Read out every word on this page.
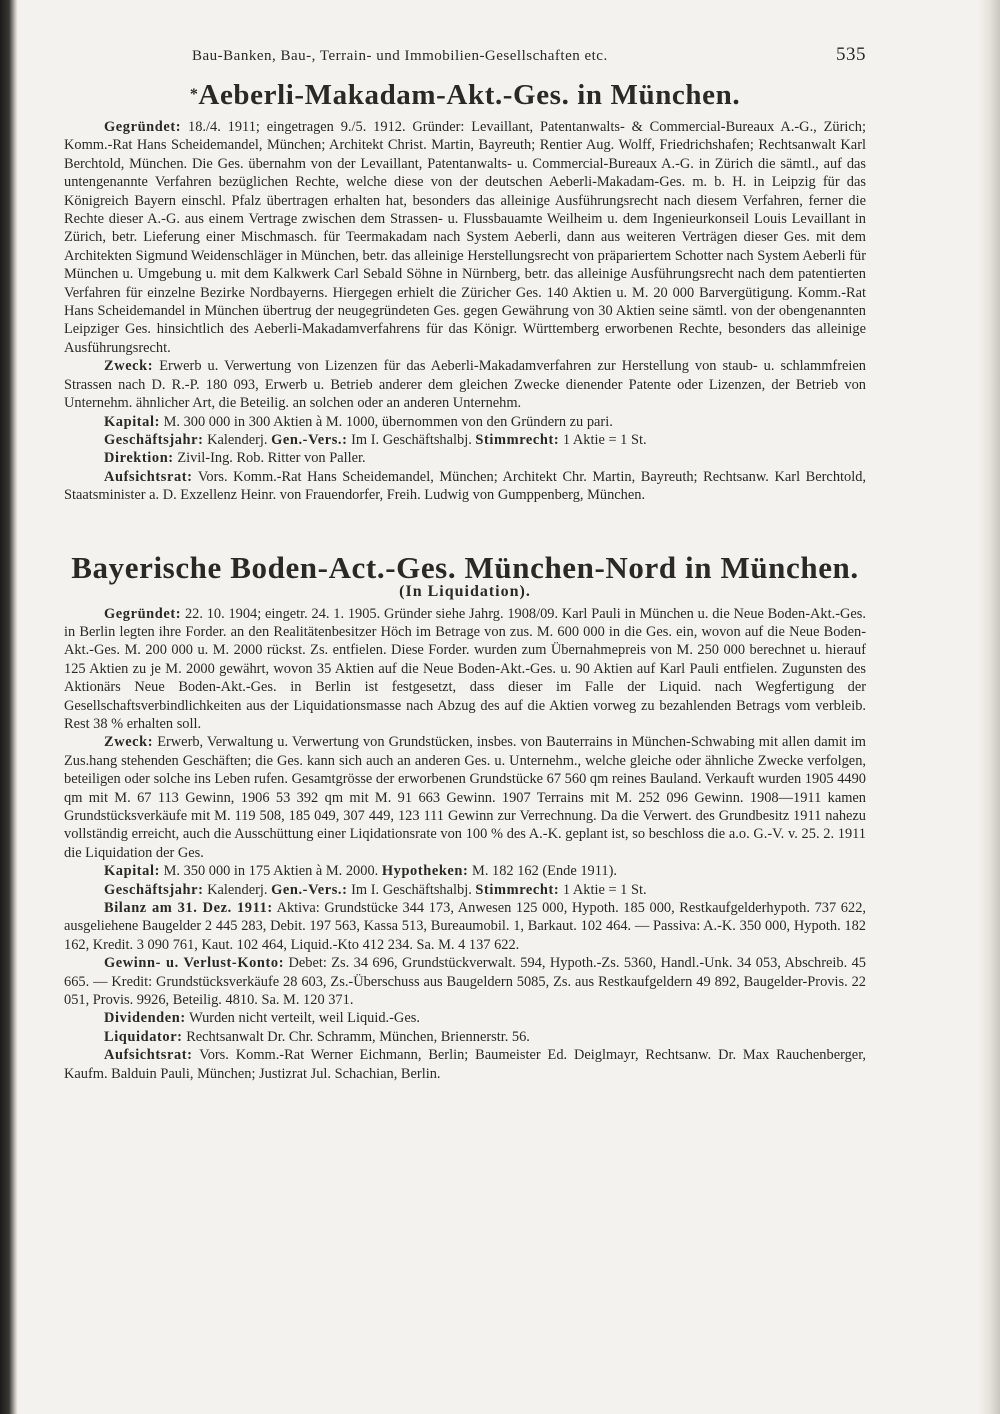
Bau-Banken, Bau-, Terrain- und Immobilien-Gesellschaften etc.	535
*Aeberli-Makadam-Akt.-Ges. in München.

Gegründet: 18./4. 1911; eingetragen 9./5. 1912. Gründer: Levaillant, Patentanwalts- & Commercial-Bureaux A.-G., Zürich; Komm.-Rat Hans Scheidemandel, München; Architekt Christ. Martin, Bayreuth; Rentier Aug. Wolff, Friedrichshafen; Rechtsanwalt Karl Berchtold, München. Die Ges. übernahm von der Levaillant, Patentanwalts- u. Commercial-Bureaux A.-G. in Zürich die sämtl., auf das untengenannte Verfahren bezüglichen Rechte, welche diese von der deutschen Aeberli-Makadam-Ges. m. b. H. in Leipzig für das Königreich Bayern einschl. Pfalz übertragen erhalten hat, besonders das alleinige Ausführungsrecht nach diesem Verfahren, ferner die Rechte dieser A.-G. aus einem Vertrage zwischen dem Strassen- u. Flussbauamte Weilheim u. dem Ingenieurkonseil Louis Levaillant in Zürich, betr. Lieferung einer Mischmasch. für Teermakadam nach System Aeberli, dann aus weiteren Verträgen dieser Ges. mit dem Architekten Sigmund Weidenschläger in München, betr. das alleinige Herstellungsrecht von präpariertem Schotter nach System Aeberli für München u. Umgebung u. mit dem Kalkwerk Carl Sebald Söhne in Nürnberg, betr. das alleinige Ausführungsrecht nach dem patentierten Verfahren für einzelne Bezirke Nordbayerns. Hiergegen erhielt die Züricher Ges. 140 Aktien u. M. 20 000 Barvergütigung. Komm.-Rat Hans Scheidemandel in München übertrug der neugegründeten Ges. gegen Gewährung von 30 Aktien seine sämtl. von der obengenannten Leipziger Ges. hinsichtlich des Aeberli-Makadamverfahrens für das Königr. Württemberg erworbenen Rechte, besonders das alleinige Ausführungsrecht.

Zweck: Erwerb u. Verwertung von Lizenzen für das Aeberli-Makadamverfahren zur Herstellung von staub- u. schlammfreien Strassen nach D. R.-P. 180 093, Erwerb u. Betrieb anderer dem gleichen Zwecke dienender Patente oder Lizenzen, der Betrieb von Unternehm. ähnlicher Art, die Beteilig. an solchen oder an anderen Unternehm.

Kapital: M. 300 000 in 300 Aktien à M. 1000, übernommen von den Gründern zu pari.

Geschäftsjahr: Kalenderj. Gen.-Vers.: Im I. Geschäftshalbj. Stimmrecht: 1 Aktie = 1 St.

Direktion: Zivil-Ing. Rob. Ritter von Paller.

Aufsichtsrat: Vors. Komm.-Rat Hans Scheidemandel, München; Architekt Chr. Martin, Bayreuth; Rechtsanw. Karl Berchtold, Staatsminister a. D. Exzellenz Heinr. von Frauendorfer, Freih. Ludwig von Gumppenberg, München.

Bayerische Boden-Act.-Ges. München-Nord in München.
(In Liquidation).

Gegründet: 22. 10. 1904; eingetr. 24. 1. 1905. Gründer siehe Jahrg. 1908/09. Karl Pauli in München u. die Neue Boden-Akt.-Ges. in Berlin legten ihre Forder. an den Realitätenbesitzer Höch im Betrage von zus. M. 600 000 in die Ges. ein, wovon auf die Neue Boden-Akt.-Ges. M. 200 000 u. M. 2000 rückst. Zs. entfielen. Diese Forder. wurden zum Übernahmepreis von M. 250 000 berechnet u. hierauf 125 Aktien zu je M. 2000 gewährt, wovon 35 Aktien auf die Neue Boden-Akt.-Ges. u. 90 Aktien auf Karl Pauli entfielen. Zugunsten des Aktionärs Neue Boden-Akt.-Ges. in Berlin ist festgesetzt, dass dieser im Falle der Liquid. nach Wegfertigung der Gesellschaftsverbindlichkeiten aus der Liquidationsmasse nach Abzug des auf die Aktien vorweg zu bezahlenden Betrags vom verbleib. Rest 38 % erhalten soll.

Zweck: Erwerb, Verwaltung u. Verwertung von Grundstücken, insbes. von Bauterrains in München-Schwabing mit allen damit im Zus.hang stehenden Geschäften; die Ges. kann sich auch an anderen Ges. u. Unternehm., welche gleiche oder ähnliche Zwecke verfolgen, beteiligen oder solche ins Leben rufen. Gesamtgrösse der erworbenen Grundstücke 67 560 qm reines Bauland. Verkauft wurden 1905 4490 qm mit M. 67 113 Gewinn, 1906 53 392 qm mit M. 91 663 Gewinn. 1907 Terrains mit M. 252 096 Gewinn. 1908—1911 kamen Grundstücksverkäufe mit M. 119 508, 185 049, 307 449, 123 111 Gewinn zur Verrechnung. Da die Verwert. des Grundbesitz 1911 nahezu vollständig erreicht, auch die Ausschüttung einer Liqidationsrate von 100 % des A.-K. geplant ist, so beschloss die a.o. G.-V. v. 25. 2. 1911 die Liquidation der Ges.

Kapital: M. 350 000 in 175 Aktien à M. 2000. Hypotheken: M. 182 162 (Ende 1911).

Geschäftsjahr: Kalenderj. Gen.-Vers.: Im I. Geschäftshalbj. Stimmrecht: 1 Aktie = 1 St.

Bilanz am 31. Dez. 1911: Aktiva: Grundstücke 344 173, Anwesen 125 000, Hypoth. 185 000, Restkaufgelderhypoth. 737 622, ausgeliehene Baugelder 2 445 283, Debit. 197 563, Kassa 513, Bureaumobil. 1, Barkaut. 102 464. — Passiva: A.-K. 350 000, Hypoth. 182 162, Kredit. 3 090 761, Kaut. 102 464, Liquid.-Kto 412 234. Sa. M. 4 137 622.

Gewinn- u. Verlust-Konto: Debet: Zs. 34 696, Grundstückverwalt. 594, Hypoth.-Zs. 5360, Handl.-Unk. 34 053, Abschreib. 45 665. — Kredit: Grundstücksverkäufe 28 603, Zs.-Überschuss aus Baugeldern 5085, Zs. aus Restkaufgeldern 49 892, Baugelder-Provis. 22 051, Provis. 9926, Beteilig. 4810. Sa. M. 120 371.

Dividenden: Wurden nicht verteilt, weil Liquid.-Ges.

Liquidator: Rechtsanwalt Dr. Chr. Schramm, München, Briennerstr. 56.

Aufsichtsrat: Vors. Komm.-Rat Werner Eichmann, Berlin; Baumeister Ed. Deiglmayr, Rechtsanw. Dr. Max Rauchenberger, Kaufm. Balduin Pauli, München; Justizrat Jul. Schachian, Berlin.
